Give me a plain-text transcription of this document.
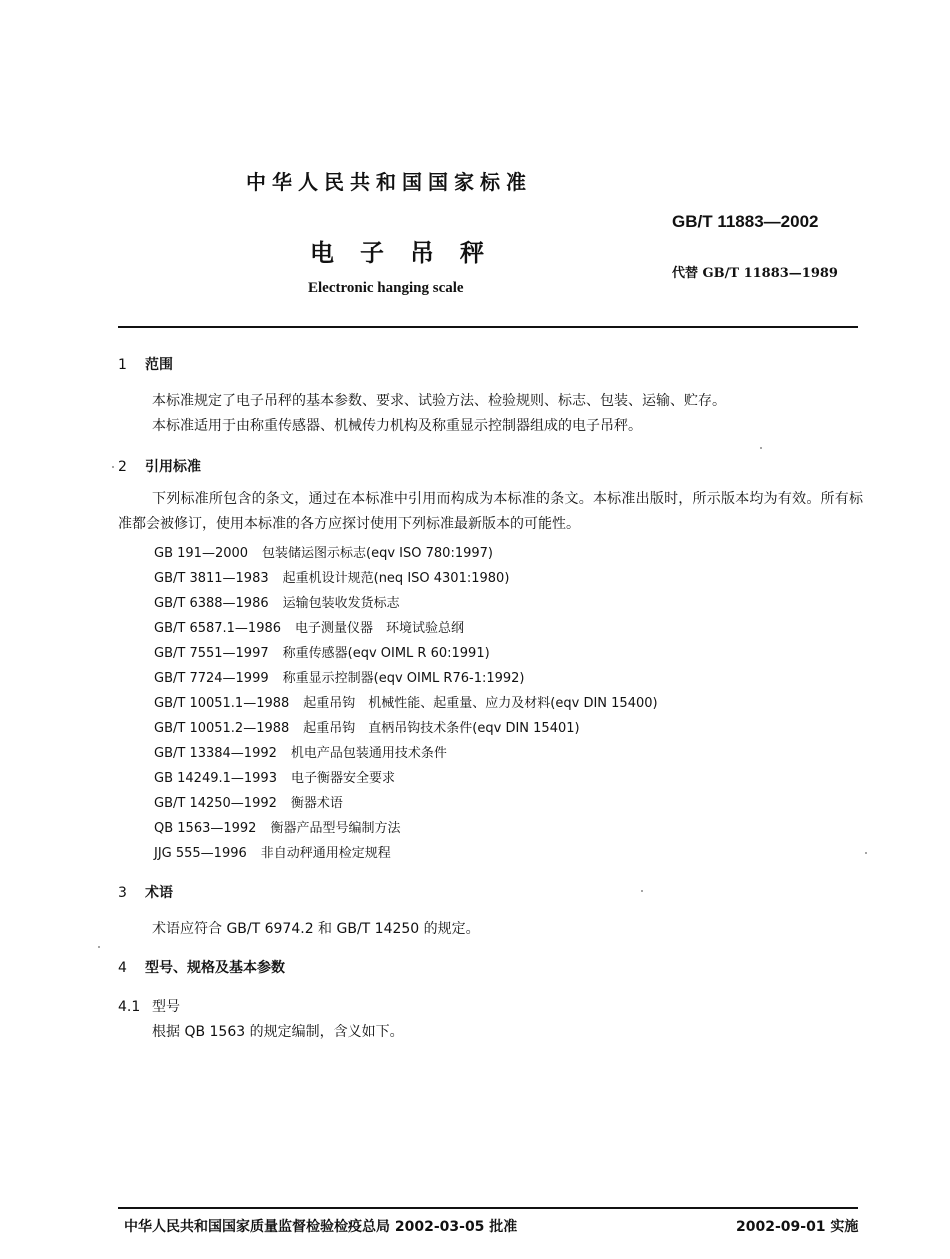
中华人民共和国国家标准
GB/T 11883—2002
电子吊秤
代替 GB/T 11883—1989
Electronic hanging scale
1 范围
本标准规定了电子吊秤的基本参数、要求、试验方法、检验规则、标志、包装、运输、贮存。
本标准适用于由称重传感器、机械传力机构及称重显示控制器组成的电子吊秤。
2 引用标准
下列标准所包含的条文，通过在本标准中引用而构成为本标准的条文。本标准出版时，所示版本均为有效。所有标准都会被修订，使用本标准的各方应探讨使用下列标准最新版本的可能性。
GB 191—2000 包装储运图示标志(eqv ISO 780:1997)
GB/T 3811—1983 起重机设计规范(neq ISO 4301:1980)
GB/T 6388—1986 运输包装收发货标志
GB/T 6587.1—1986 电子测量仪器　环境试验总纲
GB/T 7551—1997 称重传感器(eqv OIML R 60:1991)
GB/T 7724—1999 称重显示控制器(eqv OIML R76-1:1992)
GB/T 10051.1—1988 起重吊钩　机械性能、起重量、应力及材料(eqv DIN 15400)
GB/T 10051.2—1988 起重吊钩　直柄吊钩技术条件(eqv DIN 15401)
GB/T 13384—1992 机电产品包装通用技术条件
GB 14249.1—1993 电子衡器安全要求
GB/T 14250—1992 衡器术语
QB 1563—1992 衡器产品型号编制方法
JJG 555—1996 非自动秤通用检定规程
3 术语
术语应符合 GB/T 6974.2 和 GB/T 14250 的规定。
4 型号、规格及基本参数
4.1 型号
根据 QB 1563 的规定编制，含义如下。
中华人民共和国国家质量监督检验检疫总局 2002-03-05 批准	2002-09-01 实施
